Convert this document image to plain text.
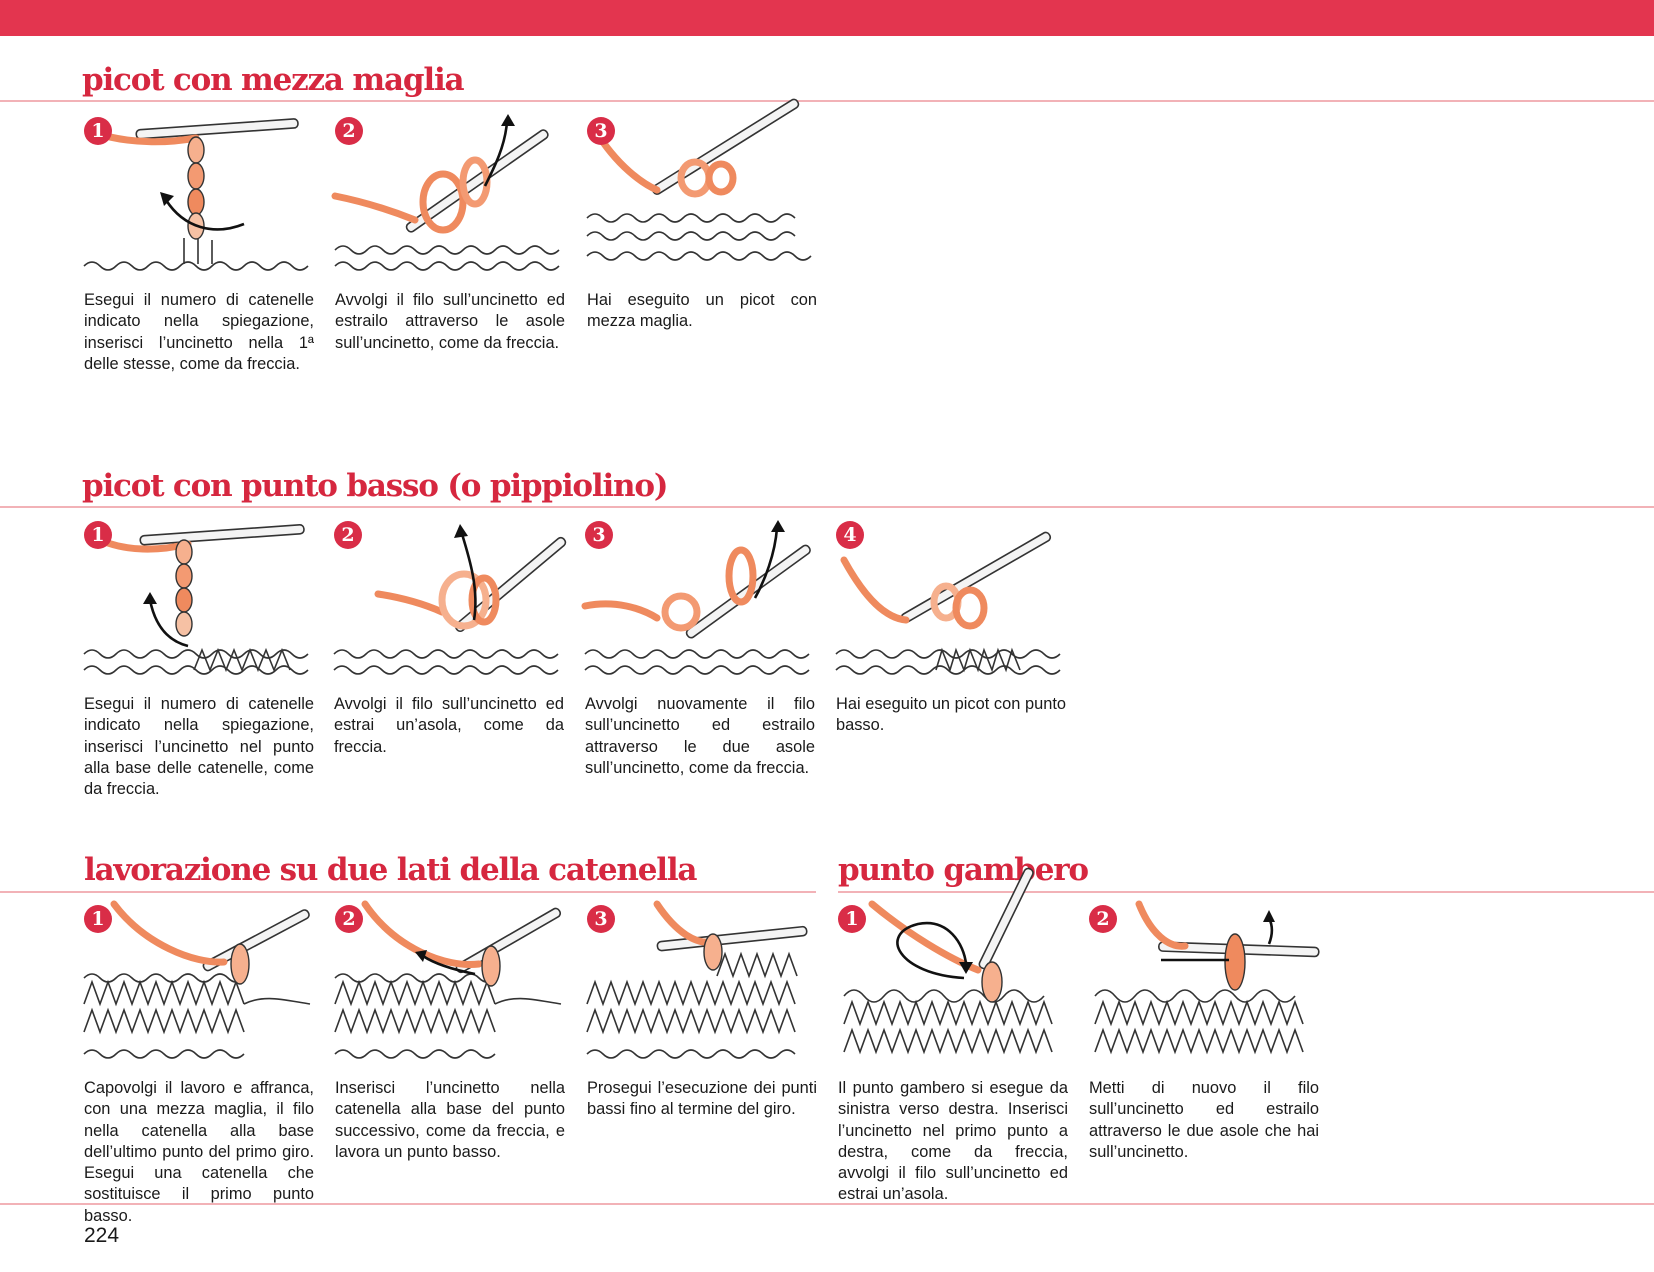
picot con mezza maglia
1

Esegui il numero di catenelle indicato nella spiegazione, inserisci l’uncinetto nella 1ª delle stesse, come da freccia.

2

Avvolgi il filo sull’uncinetto ed estrailo attraverso le asole sull’uncinetto, come da freccia.

3

Hai eseguito un picot con mezza maglia.

picot con punto basso (o pippiolino)
1

Esegui il numero di catenelle indicato nella spiegazione, inserisci l’uncinetto nel punto alla base delle catenelle, come da freccia.

2

Avvolgi il filo sull’uncinetto ed estrai un’asola, come da freccia.

3

Avvolgi nuovamente il filo sull’uncinetto ed estrailo attraverso le due asole sull’uncinetto, come da freccia.

4

Hai eseguito un picot con punto basso.

lavorazione su due lati della catenella
1

Capovolgi il lavoro e affranca, con una mezza maglia, il filo nella catenella alla base dell’ultimo punto del primo giro. Esegui una catenella che sostituisce il primo punto basso.

2

Inserisci l’uncinetto nella catenella alla base del punto successivo, come da freccia, e lavora un punto basso.

3

Prosegui l’esecuzione dei punti bassi fino al termine del giro.

punto gambero
1

Il punto gambero si esegue da sinistra verso destra. Inserisci l’uncinetto nel primo punto a destra, come da freccia, avvolgi il filo sull’uncinetto ed estrai un’asola.

2

Metti di nuovo il filo sull’uncinetto ed estrailo attraverso le due asole che hai sull’uncinetto.

224
